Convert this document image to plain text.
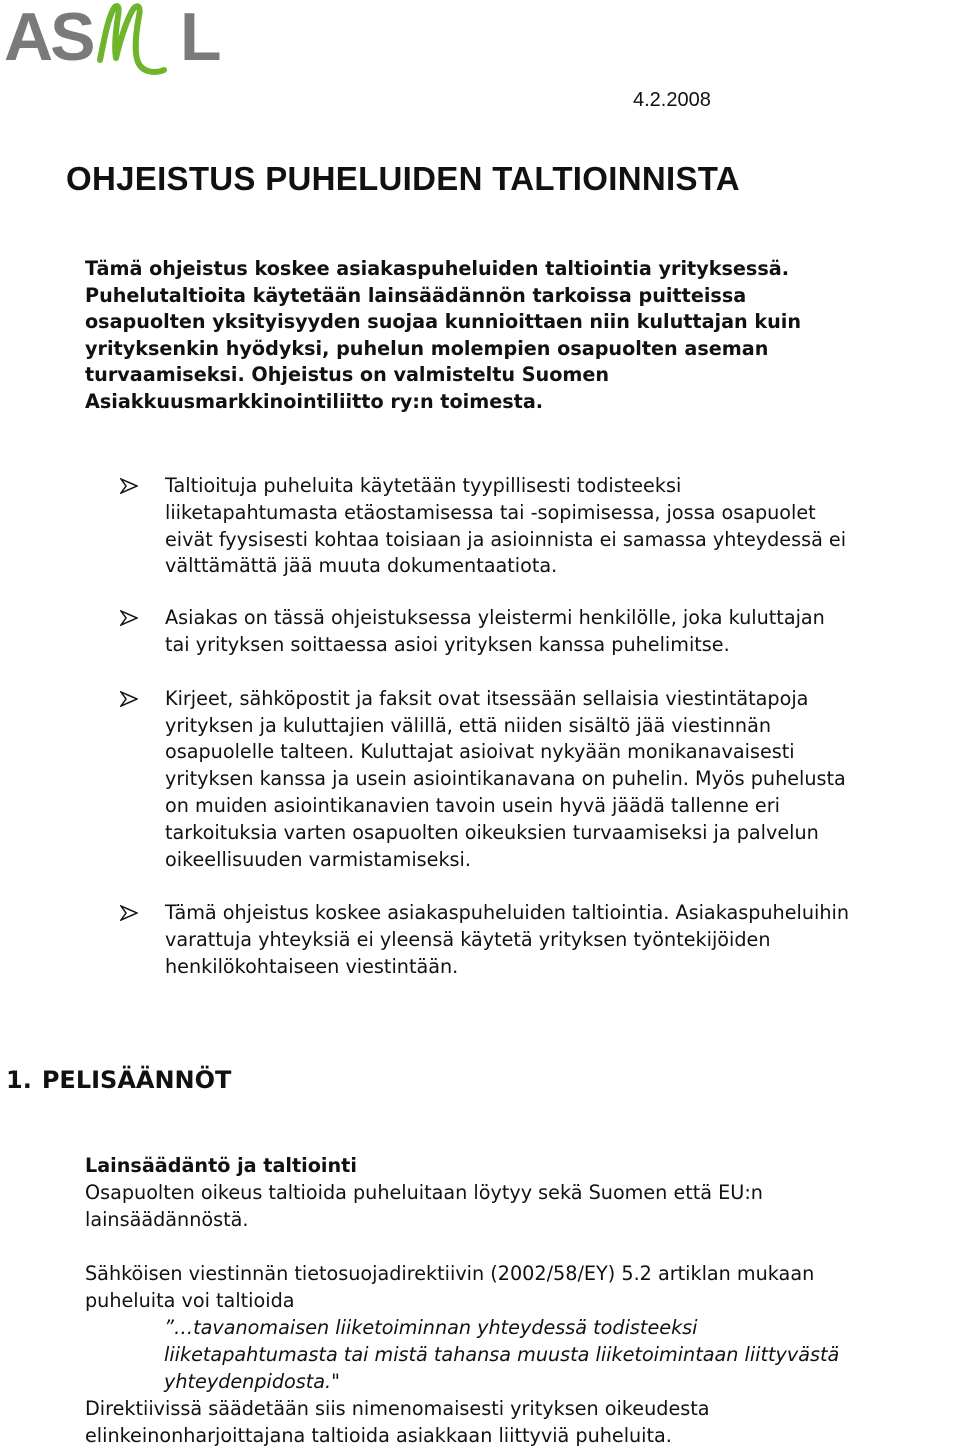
AS L
4.2.2008
OHJEISTUS PUHELUIDEN TALTIOINNISTA

Tämä ohjeistus koskee asiakaspuheluiden taltiointia yrityksessä.
Puhelutaltioita käytetään lainsäädännön tarkoissa puitteissa
osapuolten yksityisyyden suojaa kunnioittaen niin kuluttajan kuin
yrityksenkin hyödyksi, puhelun molempien osapuolten aseman
turvaamiseksi. Ohjeistus on valmisteltu Suomen
Asiakkuusmarkkinointiliitto ry:n toimesta.

Taltioituja puheluita käytetään tyypillisesti todisteeksi
liiketapahtumasta etäostamisessa tai -sopimisessa, jossa osapuolet
eivät fyysisesti kohtaa toisiaan ja asioinnista ei samassa yhteydessä ei
välttämättä jää muuta dokumentaatiota.
Asiakas on tässä ohjeistuksessa yleistermi henkilölle, joka kuluttajan
tai yrityksen soittaessa asioi yrityksen kanssa puhelimitse.
Kirjeet, sähköpostit ja faksit ovat itsessään sellaisia viestintätapoja
yrityksen ja kuluttajien välillä, että niiden sisältö jää viestinnän
osapuolelle talteen. Kuluttajat asioivat nykyään monikanavaisesti
yrityksen kanssa ja usein asiointikanavana on puhelin. Myös puhelusta
on muiden asiointikanavien tavoin usein hyvä jäädä tallenne eri
tarkoituksia varten osapuolten oikeuksien turvaamiseksi ja palvelun
oikeellisuuden varmistamiseksi.
Tämä ohjeistus koskee asiakaspuheluiden taltiointia. Asiakaspuheluihin
varattuja yhteyksiä ei yleensä käytetä yrityksen työntekijöiden
henkilökohtaiseen viestintään.
1. PELISÄÄNNÖT
Lainsäädäntö ja taltiointi
Osapuolten oikeus taltioida puheluitaan löytyy sekä Suomen että EU:n
lainsäädännöstä.
Sähköisen viestinnän tietosuojadirektiivin (2002/58/EY) 5.2 artiklan mukaan
puheluita voi taltioida
”…tavanomaisen liiketoiminnan yhteydessä todisteeksi
liiketapahtumasta tai mistä tahansa muusta liiketoimintaan liittyvästä
yhteydenpidosta."
Direktiivissä säädetään siis nimenomaisesti yrityksen oikeudesta
elinkeinonharjoittajana taltioida asiakkaan liittyviä puheluita.
